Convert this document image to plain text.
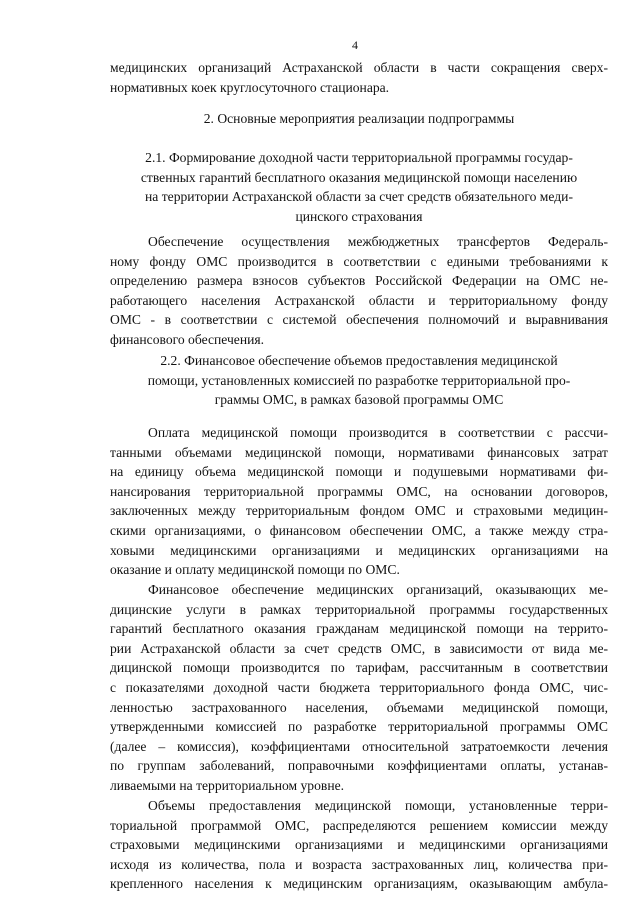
4
медицинских организаций Астраханской области в части сокращения сверх-
нормативных коек круглосуточного стационара.
2. Основные мероприятия реализации подпрограммы
2.1. Формирование доходной части территориальной программы государ-
ственных гарантий бесплатного оказания медицинской помощи населению
на территории Астраханской области за счет средств обязательного меди-
цинского страхования
Обеспечение осуществления межбюджетных трансфертов Федераль-
ному фонду ОМС производится в соответствии с едиными требованиями к
определению размера взносов субъектов Российской Федерации на ОМС не-
работающего населения Астраханской области и территориальному фонду
ОМС - в соответствии с системой обеспечения полномочий и выравнивания
финансового обеспечения.
2.2. Финансовое обеспечение объемов предоставления медицинской
помощи, установленных комиссией по разработке территориальной про-
граммы ОМС, в рамках базовой программы ОМС
Оплата медицинской помощи производится в соответствии с рассчи-
танными объемами медицинской помощи, нормативами финансовых затрат
на единицу объема медицинской помощи и подушевыми нормативами фи-
нансирования территориальной программы ОМС, на основании договоров,
заключенных между территориальным фондом ОМС и страховыми медицин-
скими организациями, о финансовом обеспечении ОМС, а также между стра-
ховыми медицинскими организациями и медицинских организациями на
оказание и оплату медицинской помощи по ОМС.
Финансовое обеспечение медицинских организаций, оказывающих ме-
дицинские услуги в рамках территориальной программы государственных
гарантий бесплатного оказания гражданам медицинской помощи на террито-
рии Астраханской области за счет средств ОМС, в зависимости от вида ме-
дицинской помощи производится по тарифам, рассчитанным в соответствии
с показателями доходной части бюджета территориального фонда ОМС, чис-
ленностью застрахованного населения, объемами медицинской помощи,
утвержденными комиссией по разработке территориальной программы ОМС
(далее – комиссия), коэффициентами относительной затратоемкости лечения
по группам заболеваний, поправочными коэффициентами оплаты, устанав-
ливаемыми на территориальном уровне.
Объемы предоставления медицинской помощи, установленные терри-
ториальной программой ОМС, распределяются решением комиссии между
страховыми медицинскими организациями и медицинскими организациями
исходя из количества, пола и возраста застрахованных лиц, количества при-
крепленного населения к медицинским организациям, оказывающим амбула-
